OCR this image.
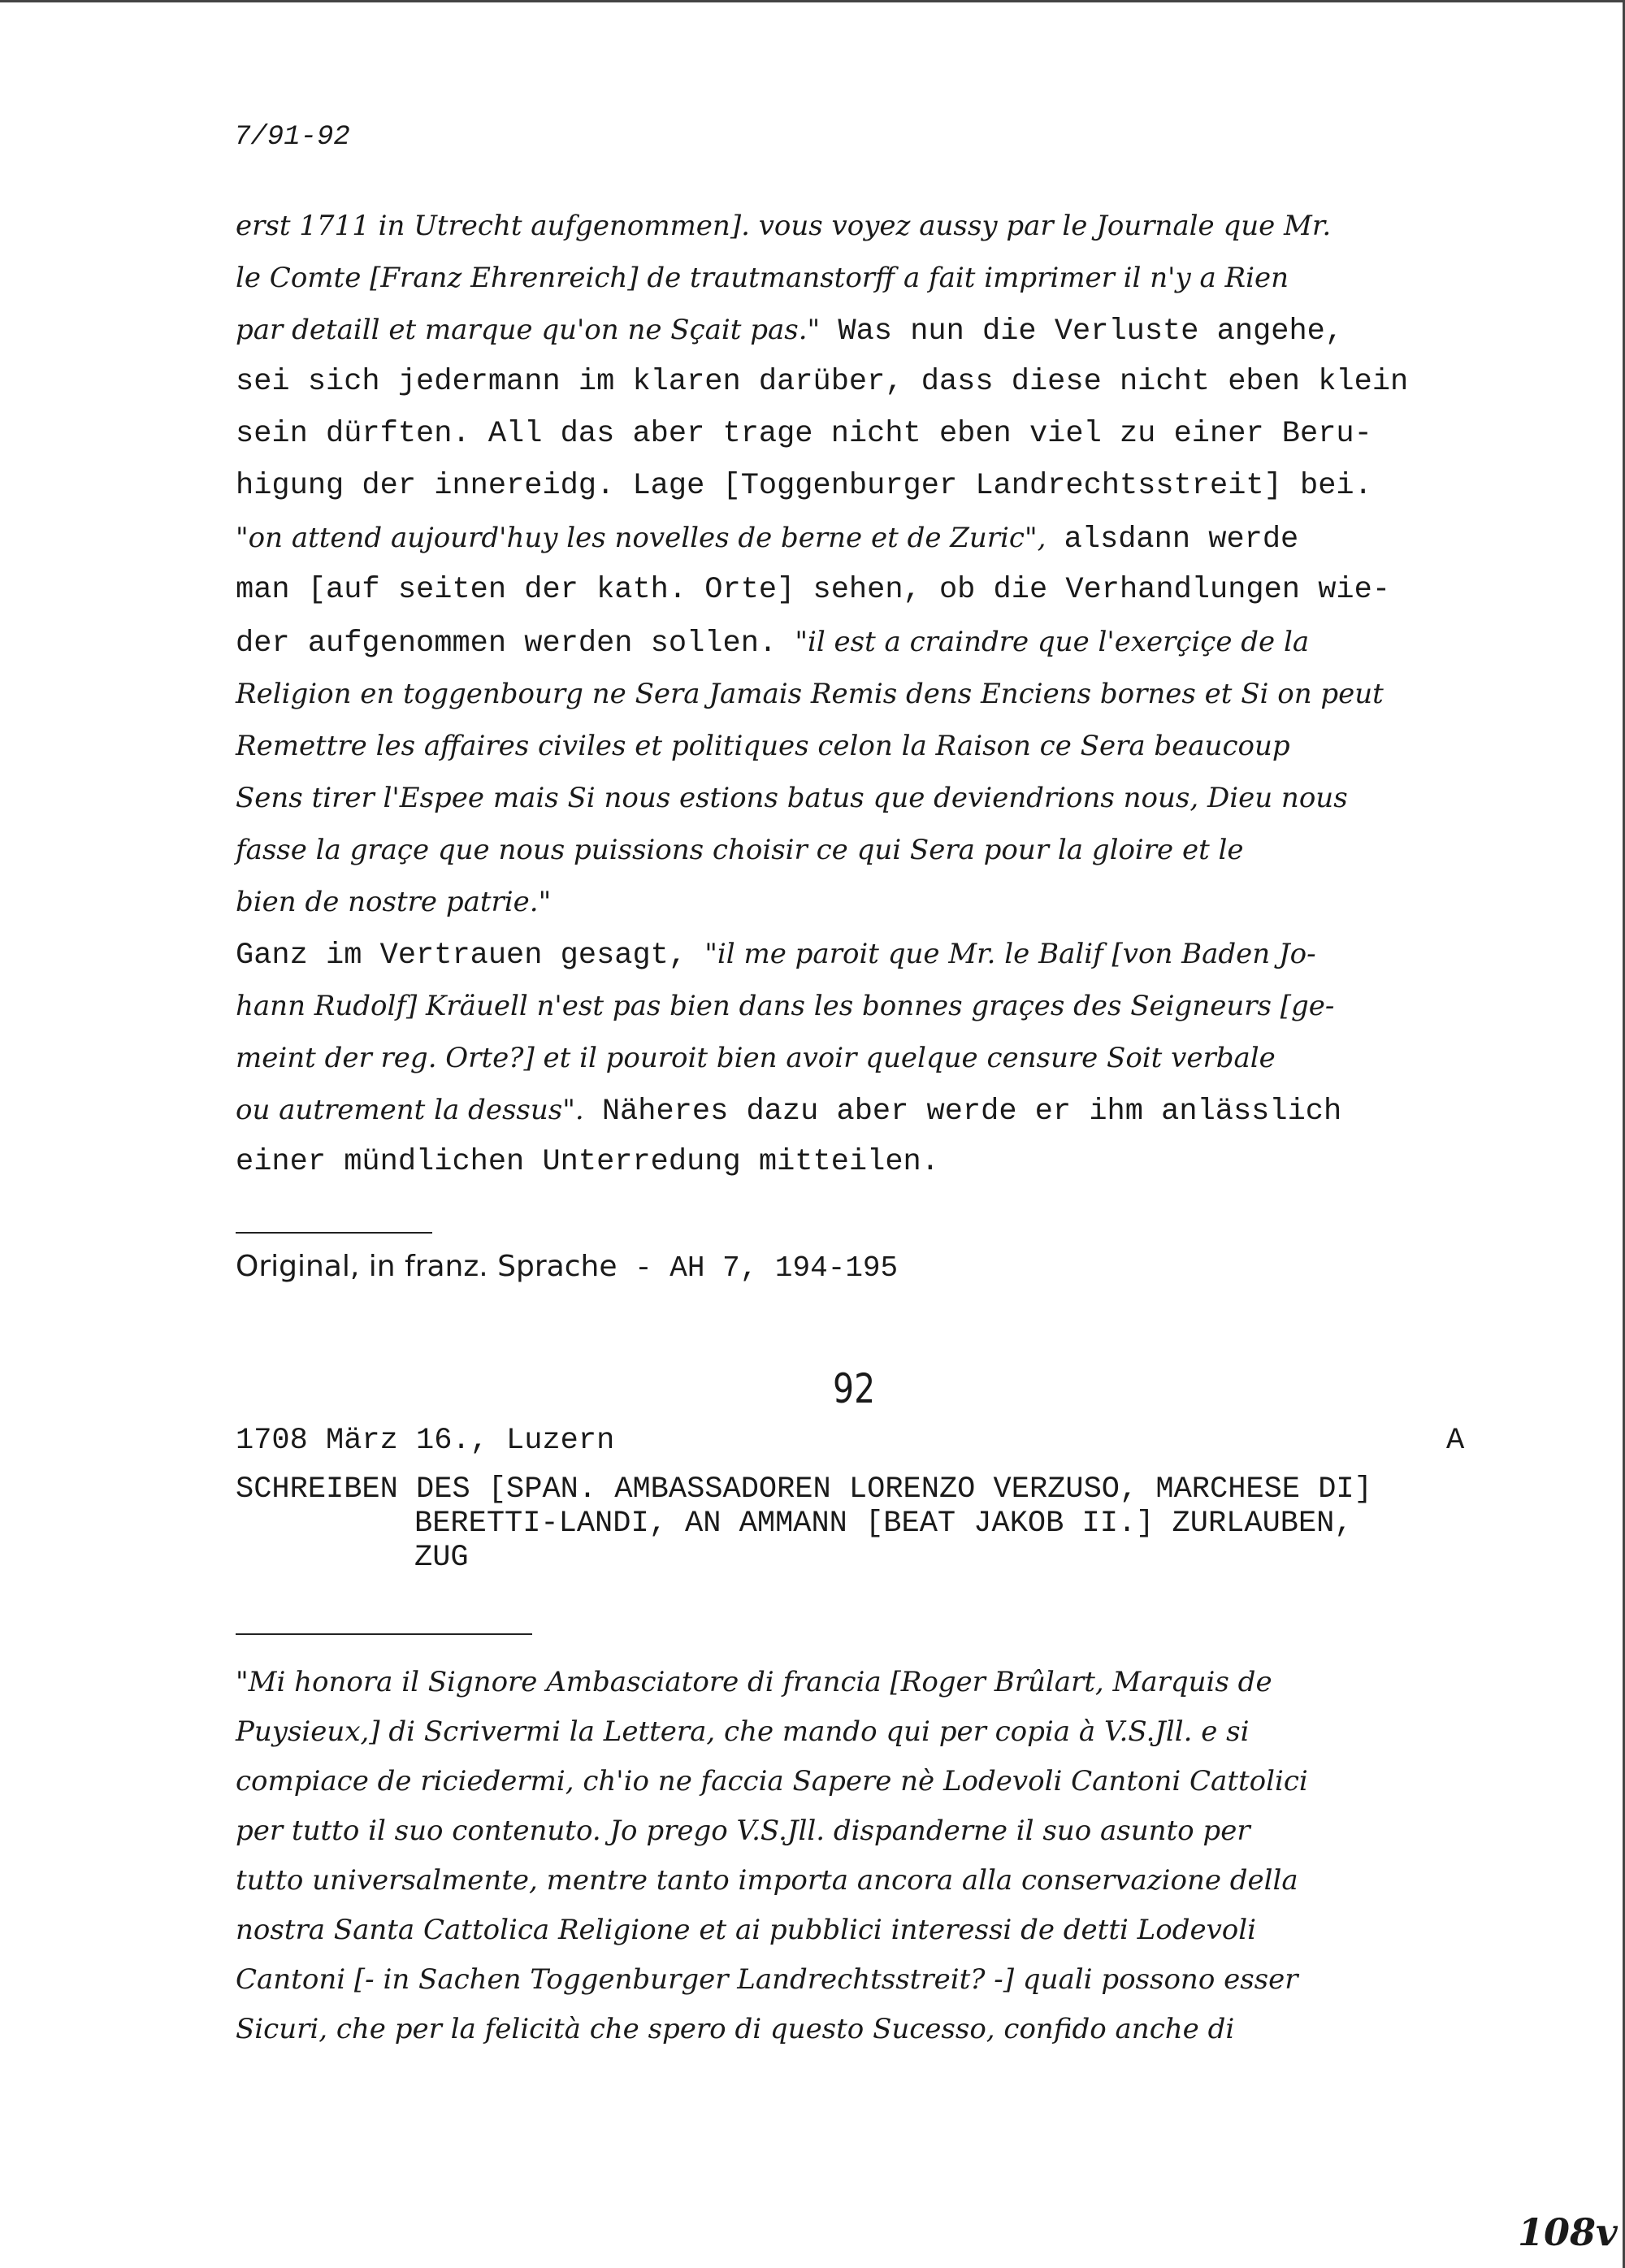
7/91-92
erst 1711 in Utrecht aufgenommen]. vous voyez aussy par le Journale que Mr.
le Comte [Franz Ehrenreich] de trautmanstorff a fait imprimer il n'y a Rien
par detaill et marque qu'on ne Sçait pas." Was nun die Verluste angehe,
sei sich jedermann im klaren darüber, dass diese nicht eben klein
sein dürften. All das aber trage nicht eben viel zu einer Beru-
higung der innereidg. Lage [Toggenburger Landrechtsstreit] bei.
"on attend aujourd'huy les novelles de berne et de Zuric", alsdann werde
man [auf seiten der kath. Orte] sehen, ob die Verhandlungen wie-
der aufgenommen werden sollen. "il est a craindre que l'exerçiçe de la
Religion en toggenbourg ne Sera Jamais Remis dens Enciens bornes et Si on peut
Remettre les affaires civiles et politiques celon la Raison ce Sera beaucoup
Sens tirer l'Espee mais Si nous estions batus que deviendrions nous, Dieu nous
fasse la graçe que nous puissions choisir ce qui Sera pour la gloire et le
bien de nostre patrie."
Ganz im Vertrauen gesagt, "il me paroit que Mr. le Balif [von Baden Jo-
hann Rudolf] Kräuell n'est pas bien dans les bonnes graçes des Seigneurs [ge-
meint der reg. Orte?] et il pouroit bien avoir quelque censure Soit verbale
ou autrement la dessus". Näheres dazu aber werde er ihm anlässlich
einer mündlichen Unterredung mitteilen.
Original, in franz. Sprache - AH 7, 194-195
92
1708 März 16., Luzern	A
SCHREIBEN DES [SPAN. AMBASSADOREN LORENZO VERZUSO, MARCHESE DI]
BERETTI-LANDI, AN AMMANN [BEAT JAKOB II.] ZURLAUBEN,
ZUG
"Mi honora il Signore Ambasciatore di francia [Roger Brûlart, Marquis de
Puysieux,] di Scrivermi la Lettera, che mando qui per copia à V.S.Jll. e si
compiace de riciedermi, ch'io ne faccia Sapere nè Lodevoli Cantoni Cattolici
per tutto il suo contenuto. Jo prego V.S.Jll. dispanderne il suo asunto per
tutto universalmente, mentre tanto importa ancora alla conservazione della
nostra Santa Cattolica Religione et ai pubblici interessi de detti Lodevoli
Cantoni [- in Sachen Toggenburger Landrechtsstreit? -] quali possono esser
Sicuri, che per la felicità che spero di questo Sucesso, confido anche di
108v
